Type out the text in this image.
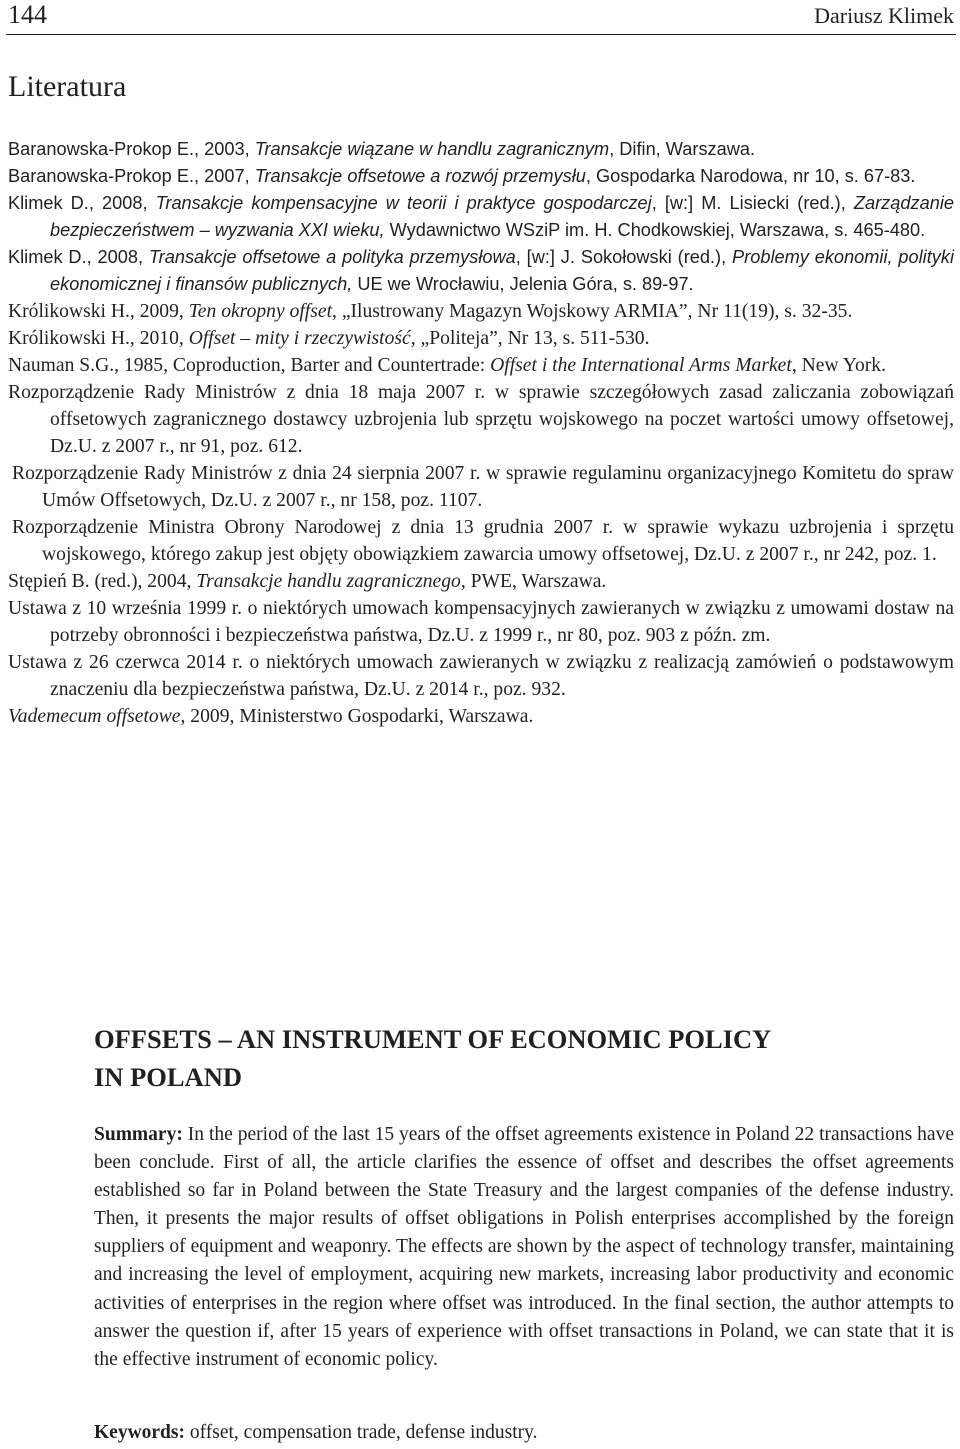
144	Dariusz Klimek
Literatura
Baranowska-Prokop E., 2003, Transakcje wiązane w handlu zagranicznym, Difin, Warszawa.
Baranowska-Prokop E., 2007, Transakcje offsetowe a rozwój przemysłu, Gospodarka Narodowa, nr 10, s. 67-83.
Klimek D., 2008, Transakcje kompensacyjne w teorii i praktyce gospodarczej, [w:] M. Lisiecki (red.), Zarządzanie bezpieczeństwem – wyzwania XXI wieku, Wydawnictwo WSziP im. H. Chodkowskiej, Warszawa, s. 465-480.
Klimek D., 2008, Transakcje offsetowe a polityka przemysłowa, [w:] J. Sokołowski (red.), Problemy ekonomii, polityki ekonomicznej i finansów publicznych, UE we Wrocławiu, Jelenia Góra, s. 89-97.
Królikowski H., 2009, Ten okropny offset, „Ilustrowany Magazyn Wojskowy ARMIA”, Nr 11(19), s. 32-35.
Królikowski H., 2010, Offset – mity i rzeczywistość, „Politeja”, Nr 13, s. 511-530.
Nauman S.G., 1985, Coproduction, Barter and Countertrade: Offset i the International Arms Market, New York.
Rozporządzenie Rady Ministrów z dnia 18 maja 2007 r. w sprawie szczegółowych zasad zaliczania zobowiązań offsetowych zagranicznego dostawcy uzbrojenia lub sprzętu wojskowego na poczet wartości umowy offsetowej, Dz.U. z 2007 r., nr 91, poz. 612.
Rozporządzenie Rady Ministrów z dnia 24 sierpnia 2007 r. w sprawie regulaminu organizacyjnego Komitetu do spraw Umów Offsetowych, Dz.U. z 2007 r., nr 158, poz. 1107.
Rozporządzenie Ministra Obrony Narodowej z dnia 13 grudnia 2007 r. w sprawie wykazu uzbrojenia i sprzętu wojskowego, którego zakup jest objęty obowiązkiem zawarcia umowy offsetowej, Dz.U. z 2007 r., nr 242, poz. 1.
Stępień B. (red.), 2004, Transakcje handlu zagranicznego, PWE, Warszawa.
Ustawa z 10 września 1999 r. o niektórych umowach kompensacyjnych zawieranych w związku z umowami dostaw na potrzeby obronności i bezpieczeństwa państwa, Dz.U. z 1999 r., nr 80, poz. 903 z późn. zm.
Ustawa z 26 czerwca 2014 r. o niektórych umowach zawieranych w związku z realizacją zamówień o podstawowym znaczeniu dla bezpieczeństwa państwa, Dz.U. z 2014 r., poz. 932.
Vademecum offsetowe, 2009, Ministerstwo Gospodarki, Warszawa.
OFFSETS – AN INSTRUMENT OF ECONOMIC POLICY
IN POLAND

Summary: In the period of the last 15 years of the offset agreements existence in Poland 22 transactions have been conclude. First of all, the article clarifies the essence of offset and describes the offset agreements established so far in Poland between the State Treasury and the largest companies of the defense industry. Then, it presents the major results of offset obligations in Polish enterprises accomplished by the foreign suppliers of equipment and weaponry. The effects are shown by the aspect of technology transfer, maintaining and increasing the level of employment, acquiring new markets, increasing labor productivity and economic activities of enterprises in the region where offset was introduced. In the final section, the author attempts to answer the question if, after 15 years of experience with offset transactions in Poland, we can state that it is the effective instrument of economic policy.

Keywords: offset, compensation trade, defense industry.
